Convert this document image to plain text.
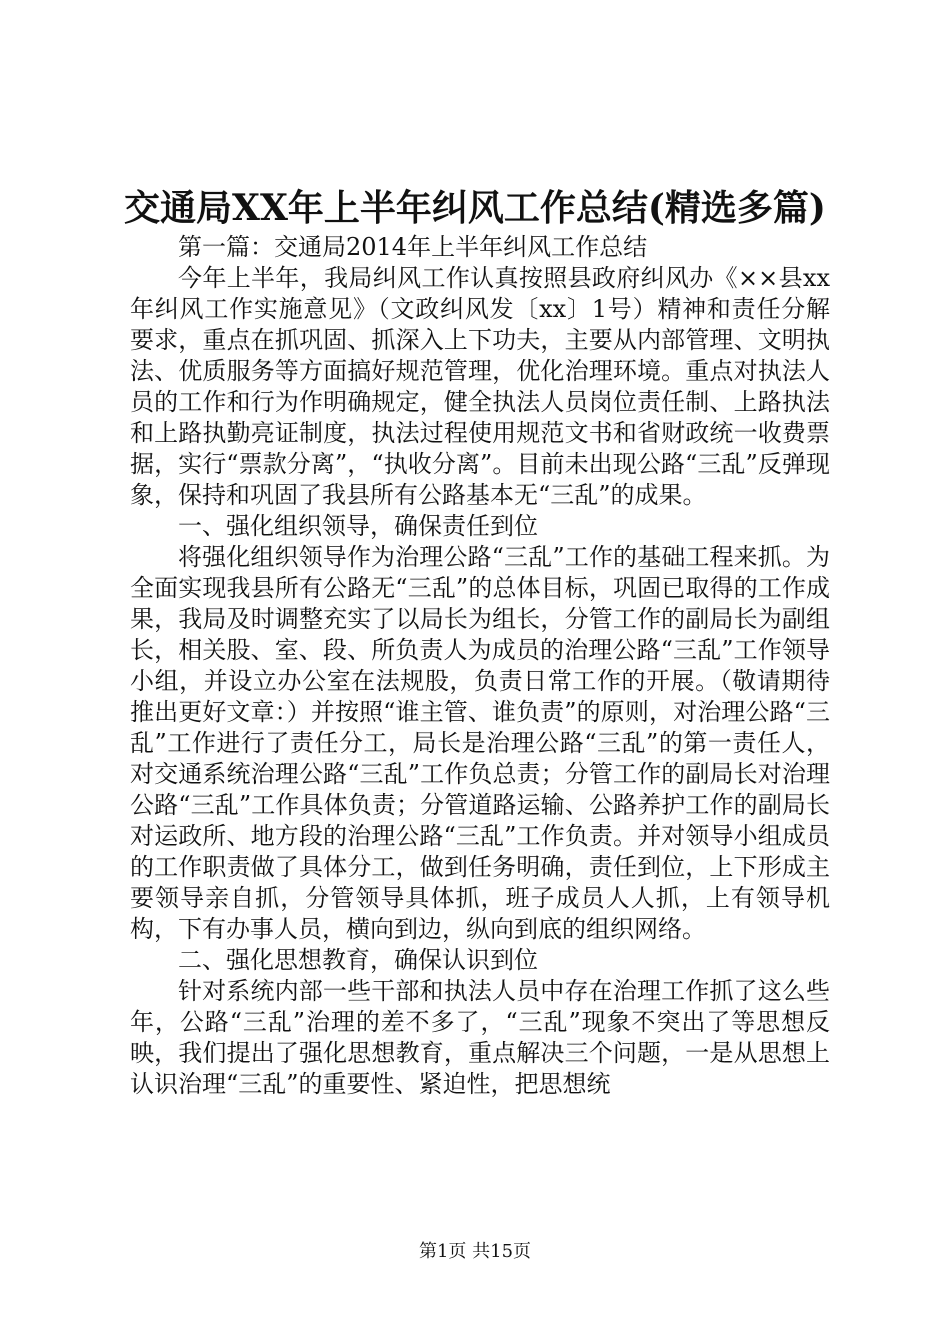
交通局XX年上半年纠风工作总结(精选多篇)

第一篇：交通局2014年上半年纠风工作总结

今年上半年，我局纠风工作认真按照县政府纠风办《××县xx年纠风工作实施意见》（文政纠风发〔xx〕1号）精神和责任分解要求，重点在抓巩固、抓深入上下功夫，主要从内部管理、文明执法、优质服务等方面搞好规范管理，优化治理环境。重点对执法人员的工作和行为作明确规定，健全执法人员岗位责任制、上路执法和上路执勤亮证制度，执法过程使用规范文书和省财政统一收费票据，实行“票款分离”，“执收分离”。目前未出现公路“三乱”反弹现象，保持和巩固了我县所有公路基本无“三乱”的成果。

一、强化组织领导，确保责任到位

将强化组织领导作为治理公路“三乱”工作的基础工程来抓。为全面实现我县所有公路无“三乱”的总体目标，巩固已取得的工作成果，我局及时调整充实了以局长为组长，分管工作的副局长为副组长，相关股、室、段、所负责人为成员的治理公路“三乱”工作领导小组，并设立办公室在法规股，负责日常工作的开展。（敬请期待推出更好文章：）并按照“谁主管、谁负责”的原则，对治理公路“三乱”工作进行了责任分工，局长是治理公路“三乱”的第一责任人，对交通系统治理公路“三乱”工作负总责；分管工作的副局长对治理公路“三乱”工作具体负责；分管道路运输、公路养护工作的副局长对运政所、地方段的治理公路“三乱”工作负责。并对领导小组成员的工作职责做了具体分工，做到任务明确，责任到位，上下形成主要领导亲自抓，分管领导具体抓，班子成员人人抓，上有领导机构，下有办事人员，横向到边，纵向到底的组织网络。

二、强化思想教育，确保认识到位

针对系统内部一些干部和执法人员中存在治理工作抓了这么些年，公路“三乱”治理的差不多了，“三乱”现象不突出了等思想反映，我们提出了强化思想教育，重点解决三个问题，一是从思想上认识治理“三乱”的重要性、紧迫性，把思想统

第1页 共15页
